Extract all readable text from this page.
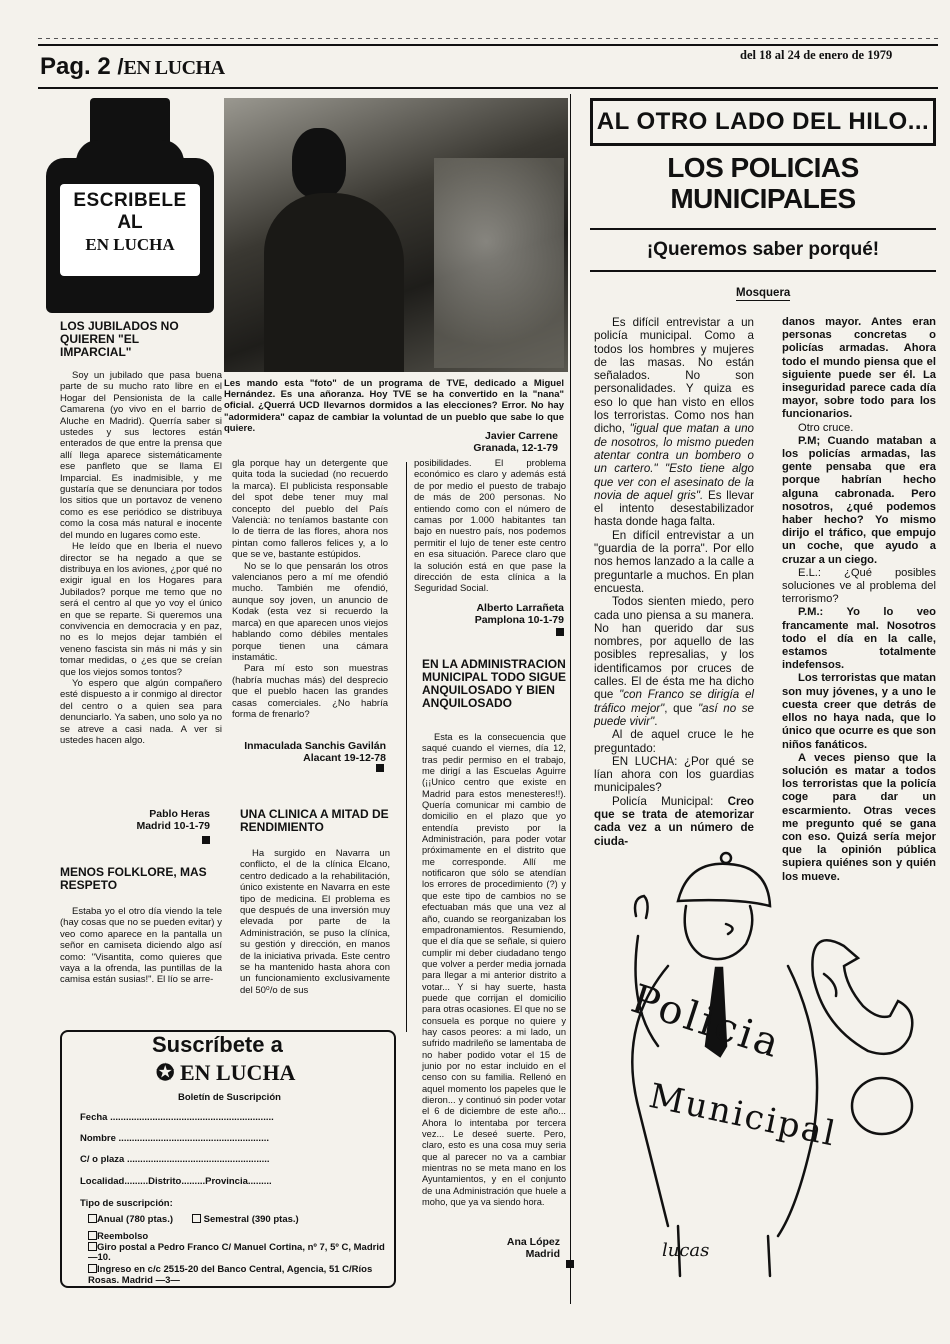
Pag. 2 /EN LUCHA
del 18 al 24 de enero de 1979
ESCRIBELE
AL
EN LUCHA
Les mando esta "foto" de un programa de TVE, dedicado a Miguel Hernández. Es una añoranza. Hoy TVE se ha convertido en la "nana" oficial. ¿Querrá UCD llevarnos dormidos a las elecciones? Error. No hay "adormidera" capaz de cambiar la voluntad de un pueblo que sabe lo que quiere.
Javier Carrene
Granada, 12-1-79
LOS JUBILADOS NO QUIEREN "EL IMPARCIAL"

Soy un jubilado que pasa buena parte de su mucho rato libre en el Hogar del Pensionista de la calle Camarena (yo vivo en el barrio de Aluche en Madrid). Querría saber si ustedes y sus lectores están enterados de que entre la prensa que allí llega aparece sistemáticamente ese panfleto que se llama El Imparcial. Es inadmisible, y me gustaría que se denunciara por todos los sitios que un portavoz de veneno como es ese periódico se distribuya como la cosa más natural e inocente del mundo en lugares como este.

He leído que en Iberia el nuevo director se ha negado a que se distribuya en los aviones, ¿por qué no exigir igual en los Hogares para Jubilados? porque me temo que no será el centro al que yo voy el único en que se reparte. Si queremos una convivencia en democracia y en paz, no es lo mejos dejar también el veneno fascista sin más ni más y sin tomar medidas, o ¿es que se creían que los viejos somos tontos?

Yo espero que algún compañero esté dispuesto a ir conmigo al director del centro o a quien sea para denunciarlo. Ya saben, uno solo ya no se atreve a casi nada. A ver si ustedes hacen algo.

Pablo Heras
Madrid 10-1-79
MENOS FOLKLORE, MAS RESPETO

Estaba yo el otro día viendo la tele (hay cosas que no se pueden evitar) y veo como aparece en la pantalla un señor en camiseta diciendo algo así como: "Visantita, como quieres que vaya a la ofrenda, las puntillas de la camisa están susias!". El lío se arre-

gla porque hay un detergente que quita toda la suciedad (no recuerdo la marca). El publicista responsable del spot debe tener muy mal concepto del pueblo del País Valencià: no teníamos bastante con lo de tierra de las flores, ahora nos pintan como falleros felices y, a lo que se ve, bastante estúpidos.

No se lo que pensarán los otros valencianos pero a mí me ofendió mucho. También me ofendió, aunque soy joven, un anuncio de Kodak (esta vez si recuerdo la marca) en que aparecen unos viejos hablando como débiles mentales porque tienen una cámara instamátic.

Para mí esto son muestras (habría muchas más) del desprecio que el pueblo hacen las grandes casas comerciales. ¿No habría forma de frenarlo?

Inmaculada Sanchis Gavilán
Alacant 19-12-78
UNA CLINICA A MITAD DE RENDIMIENTO

Ha surgido en Navarra un conflicto, el de la clínica Elcano, centro dedicado a la rehabilitación, único existente en Navarra en este tipo de medicina. El problema es que después de una inversión muy elevada por parte de la Administración, se puso la clínica, su gestión y dirección, en manos de la iniciativa privada. Este centro se ha mantenido hasta ahora con un funcionamiento exclusivamente del 50⁰/o de sus

posibilidades. El problema económico es claro y además está de por medio el puesto de trabajo de más de 200 personas. No entiendo como con el número de camas por 1.000 habitantes tan bajo en nuestro país, nos podemos permitir el lujo de tener este centro en esa situación. Parece claro que la solución está en que pase la dirección de esta clínica a la Seguridad Social.

Alberto Larrañeta
Pamplona 10-1-79
EN LA ADMINISTRACION MUNICIPAL TODO SIGUE ANQUILOSADO Y BIEN ANQUILOSADO

Esta es la consecuencia que saqué cuando el viernes, día 12, tras pedir permiso en el trabajo, me dirigí a las Escuelas Aguirre (¡¡Unico centro que existe en Madrid para estos menesteres!!). Quería comunicar mi cambio de domicilio en el plazo que yo entendía previsto por la Administración, para poder votar próximamente en el distrito que me corresponde. Allí me notificaron que sólo se atendían los errores de procedimiento (?) y que este tipo de cambios no se efectuaban más que una vez al año, cuando se reorganizaban los empadronamientos. Resumiendo, que el día que se señale, si quiero cumplir mi deber ciudadano tengo que volver a perder media jornada para llegar a mi anterior distrito a votar... Y si hay suerte, hasta puede que corrijan el domicilio para otras ocasiones. El que no se consuela es porque no quiere y hay casos peores: a mi lado, un sufrido madrileño se lamentaba de no haber podido votar el 15 de junio por no estar incluido en el censo con su familia. Rellenó en aquel momento los papeles que le dieron... y continuó sin poder votar el 6 de diciembre de este año... Ahora lo intentaba por tercera vez... Le deseé suerte. Pero, claro, esto es una cosa muy seria que al parecer no va a cambiar mientras no se meta mano en los Ayuntamientos, y en el conjunto de una Administración que huele a moho, que ya va siendo hora.

Ana López
Madrid
Suscríbete a
✪ EN LUCHA
Boletín de Suscripción
Fecha ..............................................................
Nombre .........................................................
C/ o plaza ......................................................
Localidad.........Distrito.........Provincia.........
Tipo de suscripción:
Anual (780 ptas.)	Semestral (390 ptas.)
Reembolso
Giro postal a Pedro Franco C/ Manuel Cortina, nº 7, 5º C, Madrid—10.
Ingreso en c/c 2515-20 del Banco Central, Agencia, 51 C/Ríos Rosas. Madrid —3—
AL OTRO LADO DEL HILO...
LOS POLICIAS
MUNICIPALES
¡Queremos saber porqué!
Mosquera

Es difícil entrevistar a un policía municipal. Como a todos los hombres y mujeres de las masas. No están señalados. No son personalidades. Y quiza es eso lo que han visto en ellos los terroristas. Como nos han dicho, "igual que matan a uno de nosotros, lo mismo pueden atentar contra un bombero o un cartero." "Esto tiene algo que ver con el asesinato de la novia de aquel gris". Es llevar el intento desestabilizador hasta donde haga falta.

En difícil entrevistar a un "guardia de la porra". Por ello nos hemos lanzado a la calle a preguntarle a muchos. En plan encuesta.

Todos sienten miedo, pero cada uno piensa a su manera. No han querido dar sus nombres, por aquello de las posibles represalias, y los identificamos por cruces de calles. El de ésta me ha dicho que "con Franco se dirigía el tráfico mejor", que "así no se puede vivir".

Al de aquel cruce le he preguntado:

EN LUCHA: ¿Por qué se lían ahora con los guardias municipales?

Policía Municipal: Creo que se trata de atemorizar cada vez a un número de ciuda-

danos mayor. Antes eran personas concretas o policías armadas. Ahora todo el mundo piensa que el siguiente puede ser él. La inseguridad parece cada día mayor, sobre todo para los funcionarios.

Otro cruce.

P.M; Cuando mataban a los policías armadas, las gente pensaba que era porque habrían hecho alguna cabronada. Pero nosotros, ¿qué podemos haber hecho? Yo mismo dirijo el tráfico, que empujo un coche, que ayudo a cruzar a un ciego.

E.L.: ¿Qué posibles soluciones ve al problema del terrorismo?

P.M.: Yo lo veo francamente mal. Nosotros todo el día en la calle, estamos totalmente indefensos.

Los terroristas que matan son muy jóvenes, y a uno le cuesta creer que detrás de ellos no haya nada, que lo único que ocurre es que son niños fanáticos.

A veces pienso que la solución es matar a todos los terroristas que la policía coge para dar un escarmiento. Otras veces me pregunto qué se gana con eso. Quizá sería mejor que la opinión pública supiera quiénes son y quién los mueve.

Policia
Municipal
lucas
